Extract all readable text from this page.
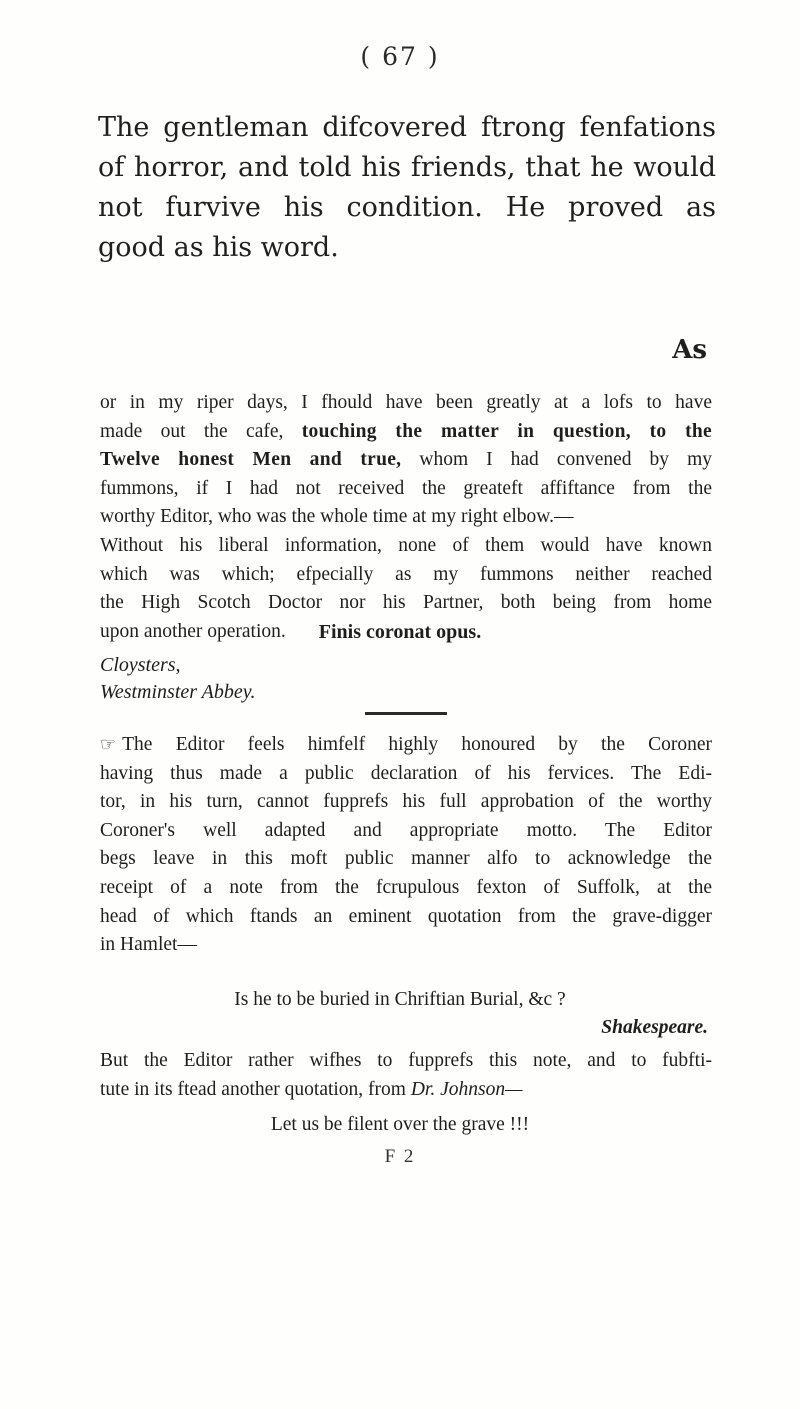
( 67 )
The gentleman difcovered ftrong fenfations
of horror, and told his friends, that he would
not furvive his condition. He proved as
good as his word.
As
or in my riper days, I fhould have been greatly at a lofs to have
made out the cafe, touching the matter in question, to the
Twelve honest Men and true, whom I had convened by my
fummons, if I had not received the greateft affiftance from the
worthy Editor, who was the whole time at my right elbow.—
Without his liberal information, none of them would have known
which was which; efpecially as my fummons neither reached
the High Scotch Doctor nor his Partner, both being from home
upon another operation.	Finis coronat opus.
Cloysters,
Westminster Abbey.
☞ The Editor feels himfelf highly honoured by the Coroner
having thus made a public declaration of his fervices. The Edi-
tor, in his turn, cannot fupprefs his full approbation of the worthy
Coroner's well adapted and appropriate motto. The Editor
begs leave in this moft public manner alfo to acknowledge the
receipt of a note from the fcrupulous fexton of Suffolk, at the
head of which ftands an eminent quotation from the grave-digger
in Hamlet—
Is he to be buried in Chriftian Burial, &c ?
Shakespeare.
But the Editor rather wifhes to fupprefs this note, and to fubfti-
tute in its ftead another quotation, from Dr. Johnson—
Let us be filent over the grave !!!
F 2
